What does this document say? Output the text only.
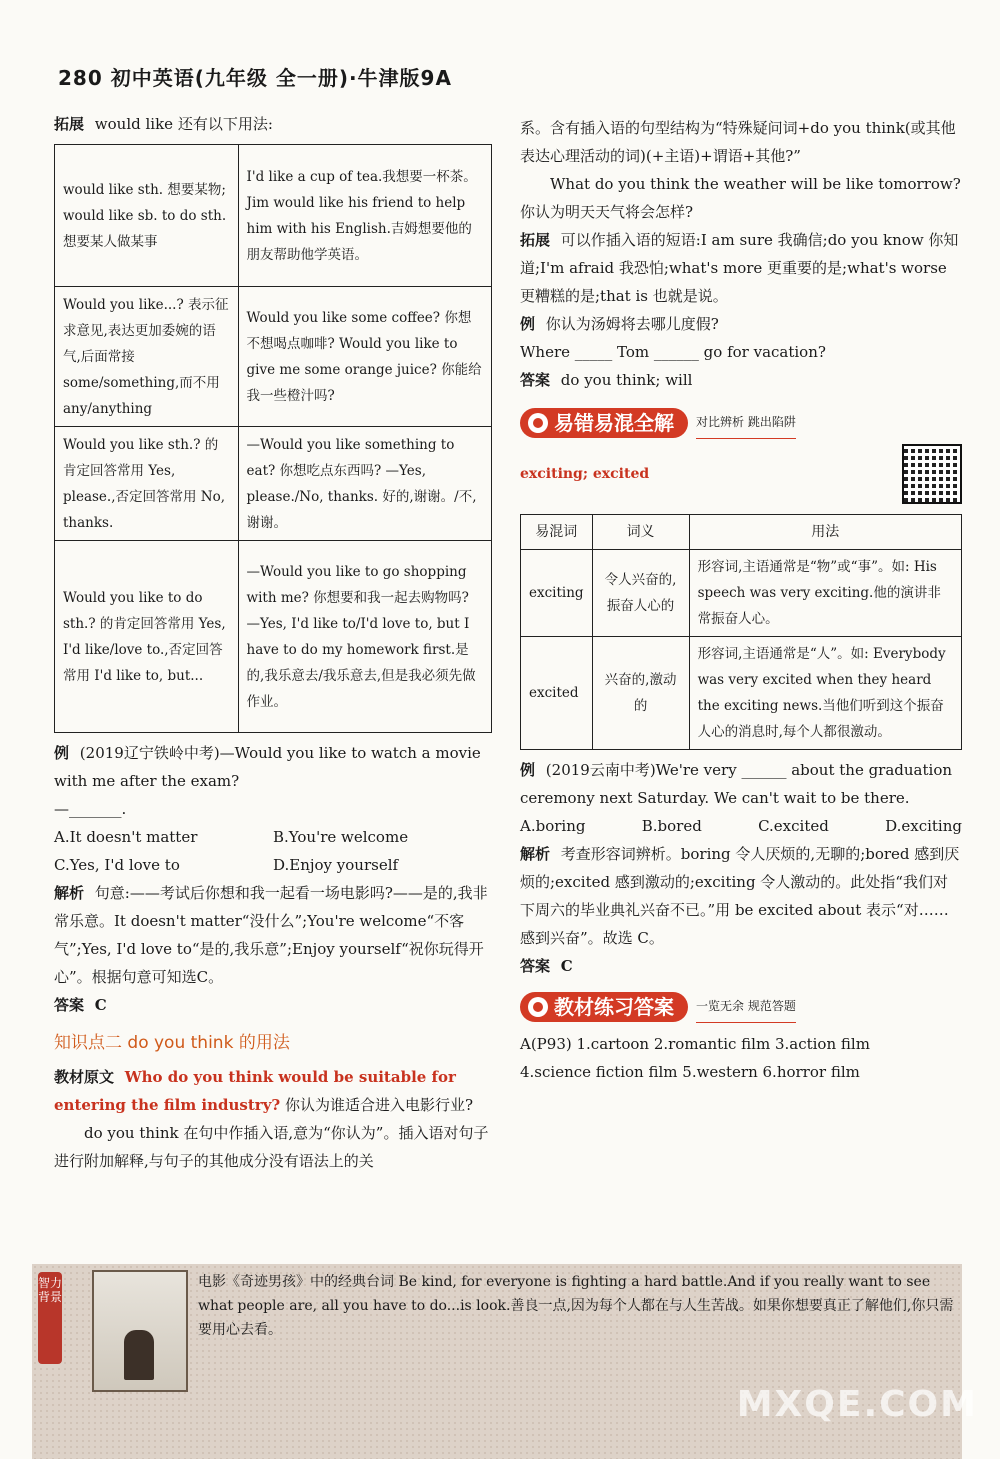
280 初中英语(九年级 全一册)·牛津版9A
拓展 would like 还有以下用法:
would like sth. 想要某物; would like sb. to do sth.想要某人做某事	I'd like a cup of tea.我想要一杯茶。 Jim would like his friend to help him with his English.吉姆想要他的朋友帮助他学英语。
Would you like...? 表示征求意见,表达更加委婉的语气,后面常接 some/something,而不用 any/anything	Would you like some coffee? 你想不想喝点咖啡? Would you like to give me some orange juice? 你能给我一些橙汁吗?
Would you like sth.? 的肯定回答常用 Yes, please.,否定回答常用 No, thanks.	—Would you like something to eat? 你想吃点东西吗? —Yes, please./No, thanks. 好的,谢谢。/不,谢谢。
Would you like to do sth.? 的肯定回答常用 Yes, I'd like/love to.,否定回答常用 I'd like to, but...	—Would you like to go shopping with me? 你想要和我一起去购物吗? —Yes, I'd like to/I'd love to, but I have to do my homework first.是的,我乐意去/我乐意去,但是我必须先做作业。
例 (2019辽宁铁岭中考)—Would you like to watch a movie with me after the exam?
—_______.
A.It doesn't matter	B.You're welcome
C.Yes, I'd love to	D.Enjoy yourself
解析 句意:——考试后你想和我一起看一场电影吗?——是的,我非常乐意。It doesn't matter“没什么”;You're welcome“不客气”;Yes, I'd love to“是的,我乐意”;Enjoy yourself“祝你玩得开心”。根据句意可知选C。
答案 C
知识点二 do you think 的用法
教材原文 Who do you think would be suitable for entering the film industry? 你认为谁适合进入电影行业?
do you think 在句中作插入语,意为“你认为”。插入语对句子进行附加解释,与句子的其他成分没有语法上的关
系。含有插入语的句型结构为“特殊疑问词+do you think(或其他表达心理活动的词)(+主语)+谓语+其他?”
What do you think the weather will be like tomorrow? 你认为明天天气将会怎样?
拓展 可以作插入语的短语:I am sure 我确信;do you know 你知道;I'm afraid 我恐怕;what's more 更重要的是;what's worse 更糟糕的是;that is 也就是说。
例 你认为汤姆将去哪儿度假?
Where _____ Tom ______ go for vacation?
答案 do you think; will
易错易混全解 对比辨析 跳出陷阱
exciting; excited
易混词	词义	用法
exciting	令人兴奋的,振奋人心的	形容词,主语通常是“物”或“事”。如: His speech was very exciting.他的演讲非常振奋人心。
excited	兴奋的,激动的	形容词,主语通常是“人”。如: Everybody was very excited when they heard the exciting news.当他们听到这个振奋人心的消息时,每个人都很激动。
例 (2019云南中考)We're very ______ about the graduation ceremony next Saturday. We can't wait to be there.
A.boring	B.bored	C.excited	D.exciting
解析 考查形容词辨析。boring 令人厌烦的,无聊的;bored 感到厌烦的;excited 感到激动的;exciting 令人激动的。此处指“我们对下周六的毕业典礼兴奋不已。”用 be excited about 表示“对……感到兴奋”。故选 C。
答案 C
教材练习答案 一览无余 规范答题
A(P93) 1.cartoon 2.romantic film 3.action film
4.science fiction film 5.western 6.horror film
智力背景
电影《奇迹男孩》中的经典台词 Be kind, for everyone is fighting a hard battle.And if you really want to see what people are, all you have to do...is look.善良一点,因为每个人都在与人生苦战。如果你想要真正了解他们,你只需要用心去看。
MXQE.COM
